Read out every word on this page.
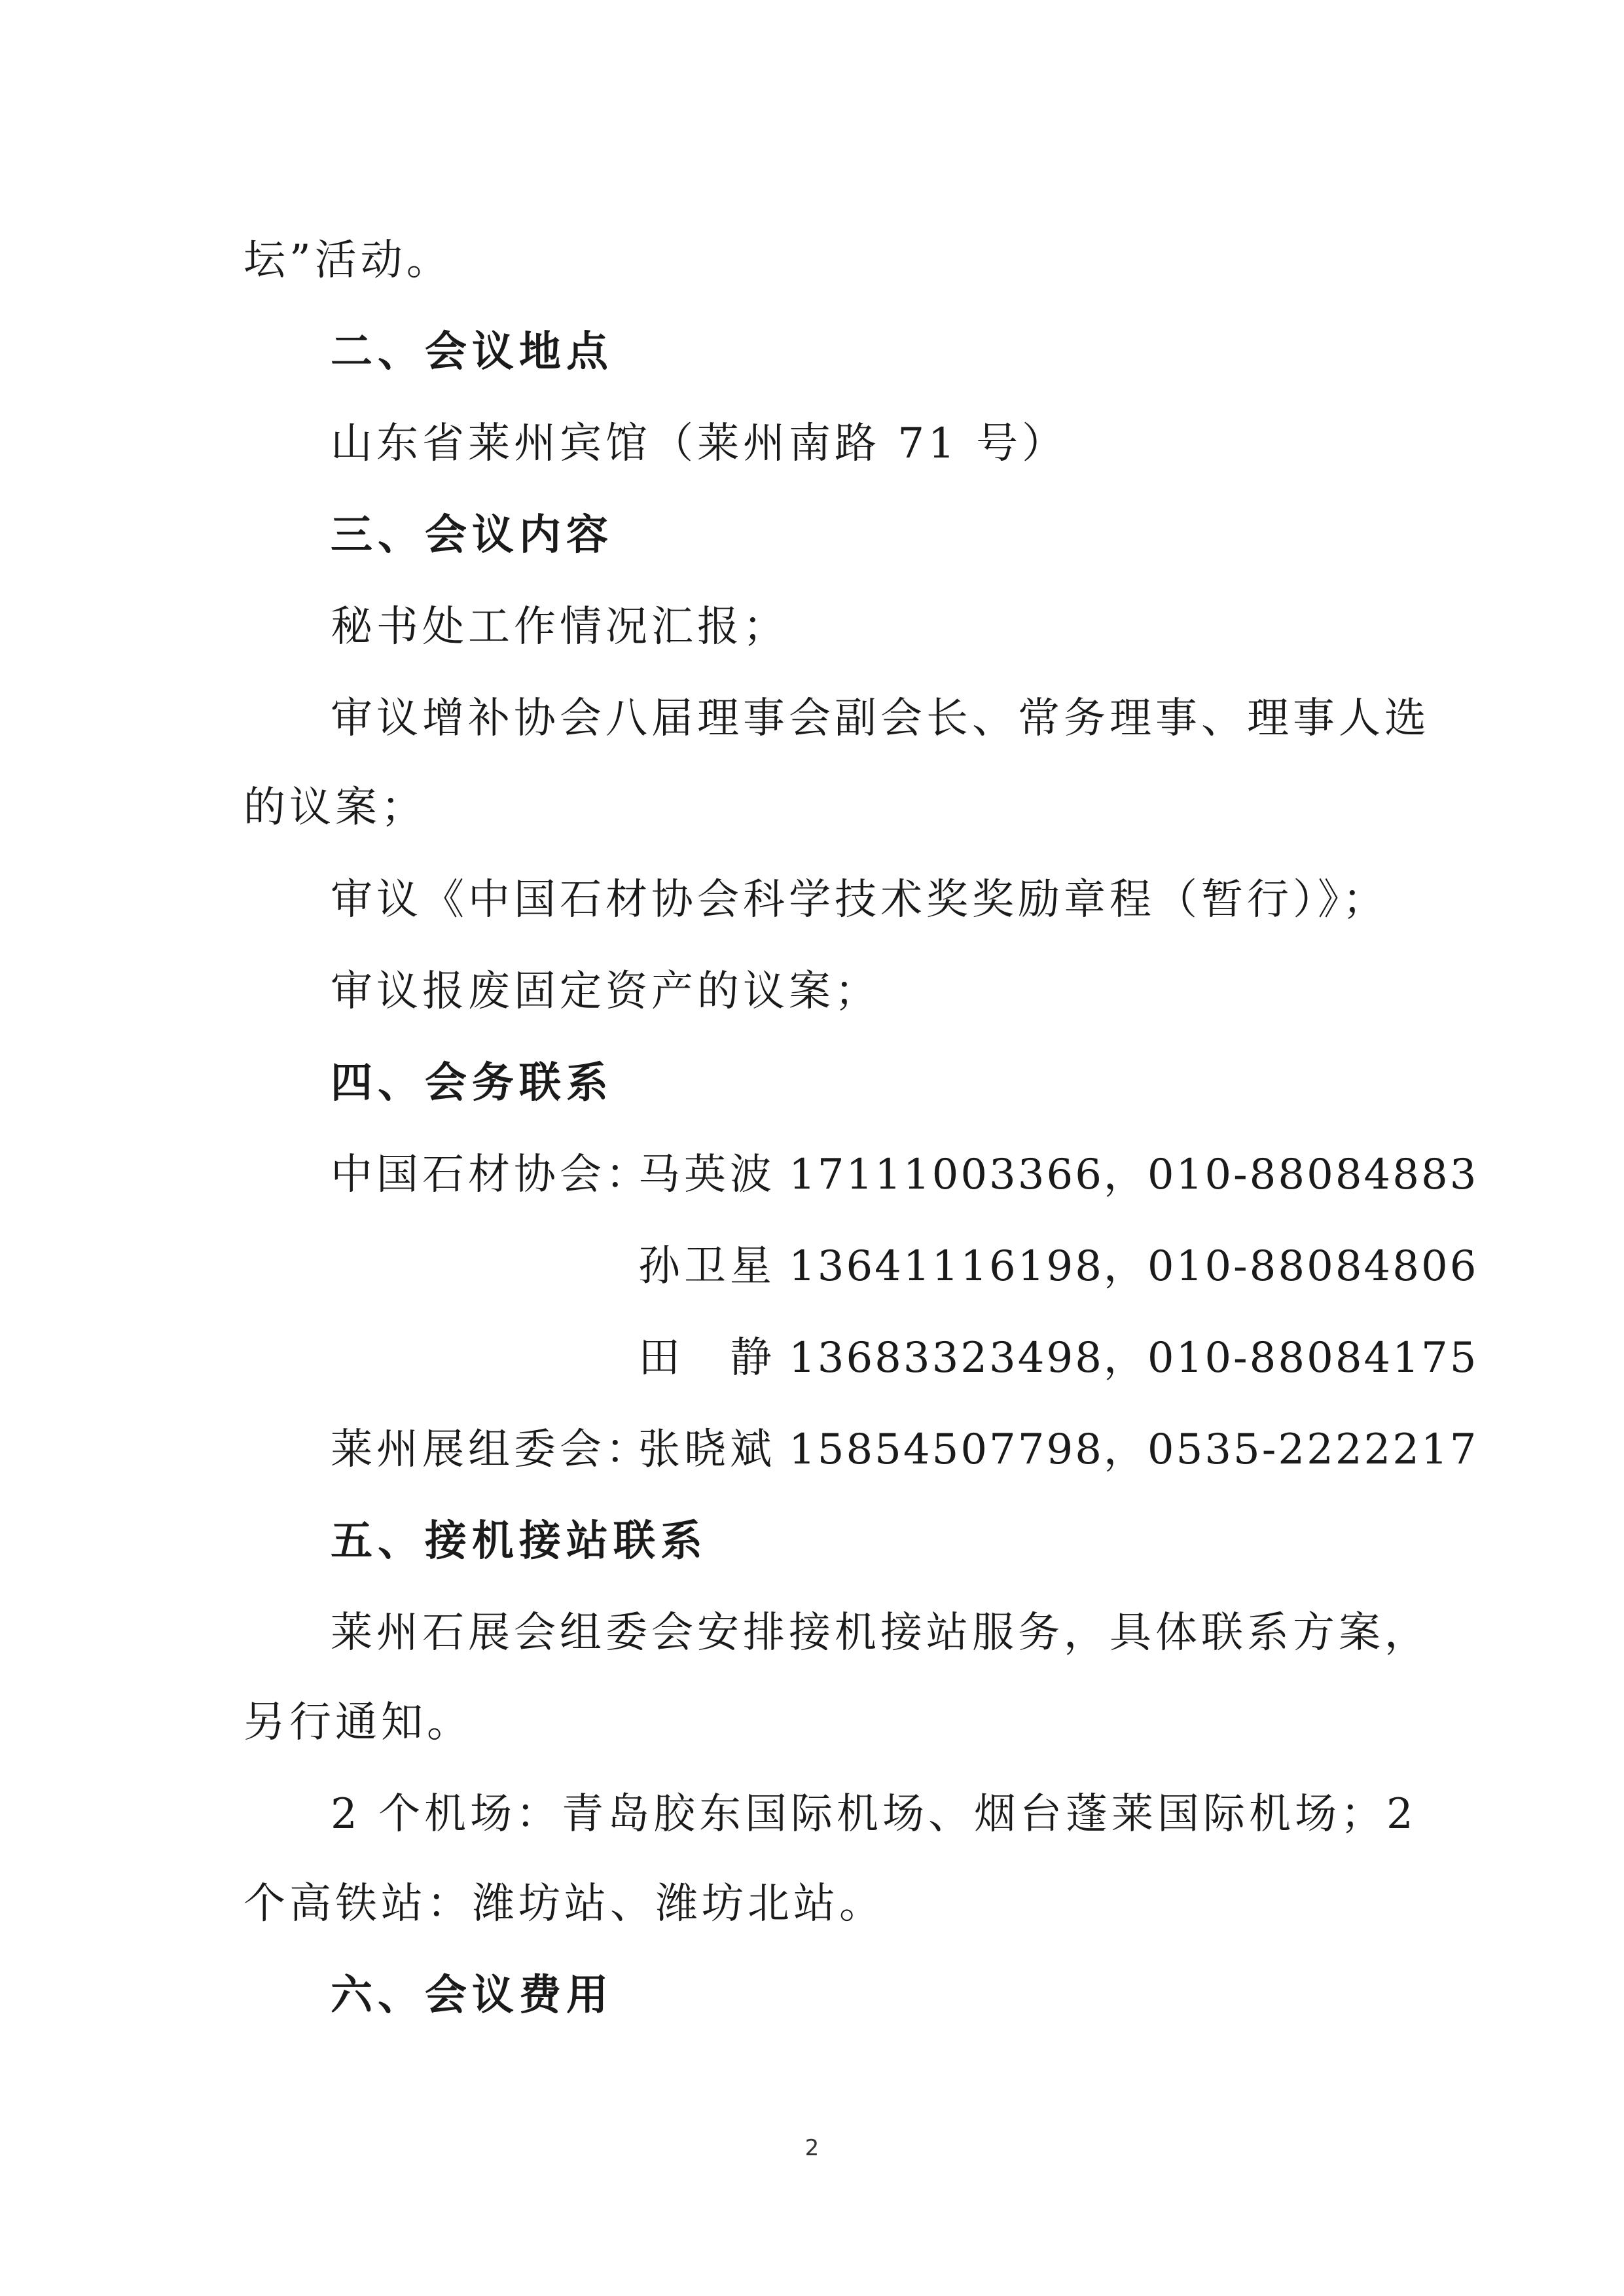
坛”活动。
二、会议地点
山东省莱州宾馆（莱州南路 71 号）
三、会议内容
秘书处工作情况汇报；
审议增补协会八届理事会副会长、常务理事、理事人选
的议案；
审议《中国石材协会科学技术奖奖励章程（暂行）》；
审议报废固定资产的议案；
四、会务联系
中国石材协会：
马英波 17111003366，010-88084883
孙卫星 13641116198，010-88084806
田　静 13683323498，010-88084175
莱州展组委会：
张晓斌 15854507798，0535-2222217
五、接机接站联系
莱州石展会组委会安排接机接站服务，具体联系方案，
另行通知。
2 个机场：青岛胶东国际机场、烟台蓬莱国际机场；2
个高铁站：潍坊站、潍坊北站。
六、会议费用
2
